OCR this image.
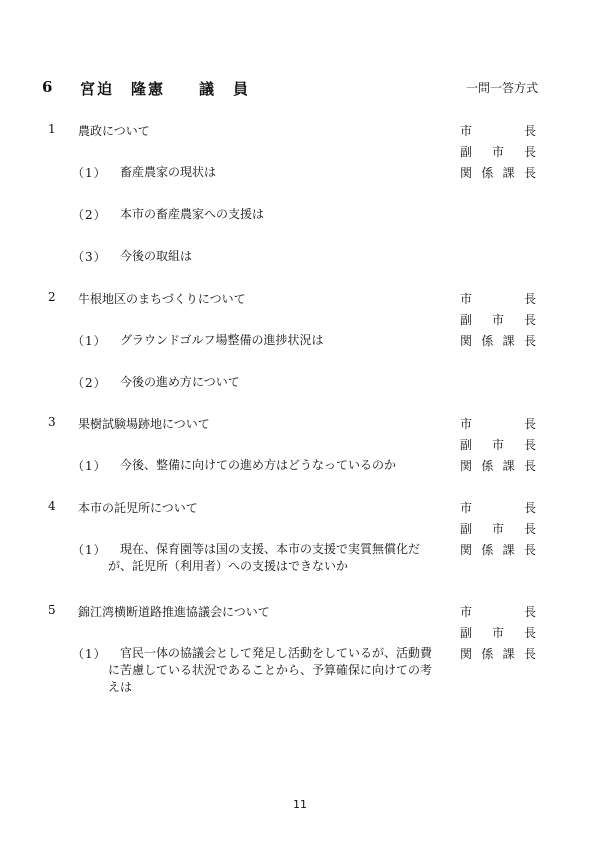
6 宮迫　隆憲　　議　員	一問一答方式
1 農政について	市	長
副 市 長
関 係 課 長
（1） 畜産農家の現状は
（2） 本市の畜産農家への支援は
（3） 今後の取組は
2 牛根地区のまちづくりについて	市	長
副 市 長
関 係 課 長
（1） グラウンドゴルフ場整備の進捗状況は
（2） 今後の進め方について
3 果樹試験場跡地について	市	長
副 市 長
関 係 課 長
（1） 今後、整備に向けての進め方はどうなっているのか
4 本市の託児所について	市	長
副 市 長
関 係 課 長
（1） 　現在、保育園等は国の支援、本市の支援で実質無償化だが、託児所（利用者）への支援はできないか
5 錦江湾横断道路推進協議会について	市	長
副 市 長
関 係 課 長
（1） 　官民一体の協議会として発足し活動をしているが、活動費に苦慮している状況であることから、予算確保に向けての考えは
11
